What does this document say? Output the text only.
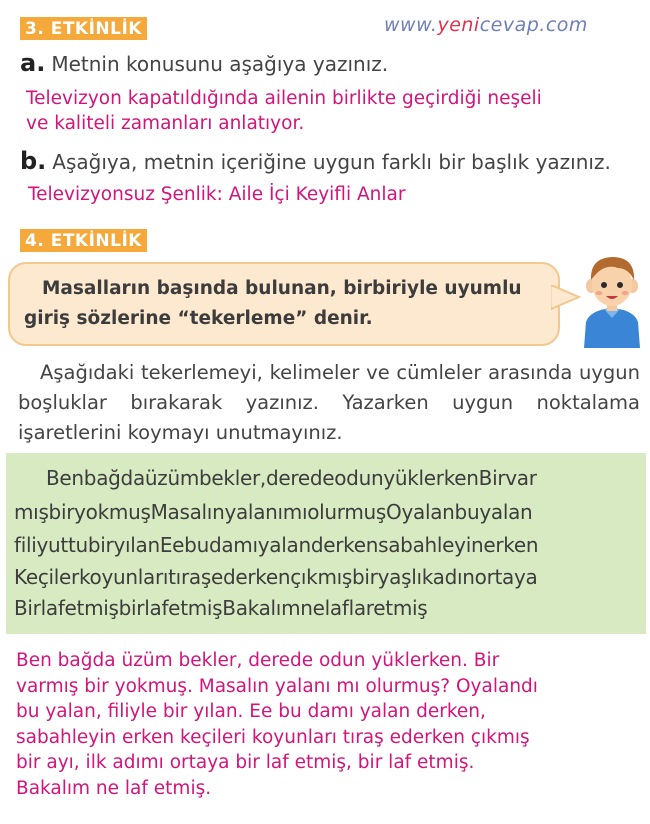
3. ETKİNLİK	www.yenicevap.com
a. Metnin konusunu aşağıya yazınız.
Televizyon kapatıldığında ailenin birlikte geçirdiği neşeli
ve kaliteli zamanları anlatıyor.
b. Aşağıya, metnin içeriğine uygun farklı bir başlık yazınız.
Televizyonsuz Şenlik: Aile İçi Keyifli Anlar
4. ETKİNLİK
Masalların başında bulunan, birbiriyle uyumlu
giriş sözlerine “tekerleme” denir.
Aşağıdaki tekerlemeyi, kelimeler ve cümleler arasında uygun boşluklar bırakarak yazınız. Yazarken uygun noktalama işaretlerini koymayı unutmayınız.
Benbağdaüzümbekler,deredeodunyüklerkenBirvar
mışbiryokmuşMasalınyalanımıolurmuşOyalanbuyalan
filiyuttubiryılanEebudamıyalanderkensabahleyinerken
Keçilerkoyunlarıtıraşederkençıkmışbiryaşlıkadınortaya
BirlafetmişbirlafetmişBakalımnelaflaretmiş
Ben bağda üzüm bekler, derede odun yüklerken. Bir
varmış bir yokmuş. Masalın yalanı mı olurmuş? Oyalandı
bu yalan, filiyle bir yılan. Ee bu damı yalan derken,
sabahleyin erken keçileri koyunları tıraş ederken çıkmış
bir ayı, ilk adımı ortaya bir laf etmiş, bir laf etmiş.
Bakalım ne laf etmiş.
